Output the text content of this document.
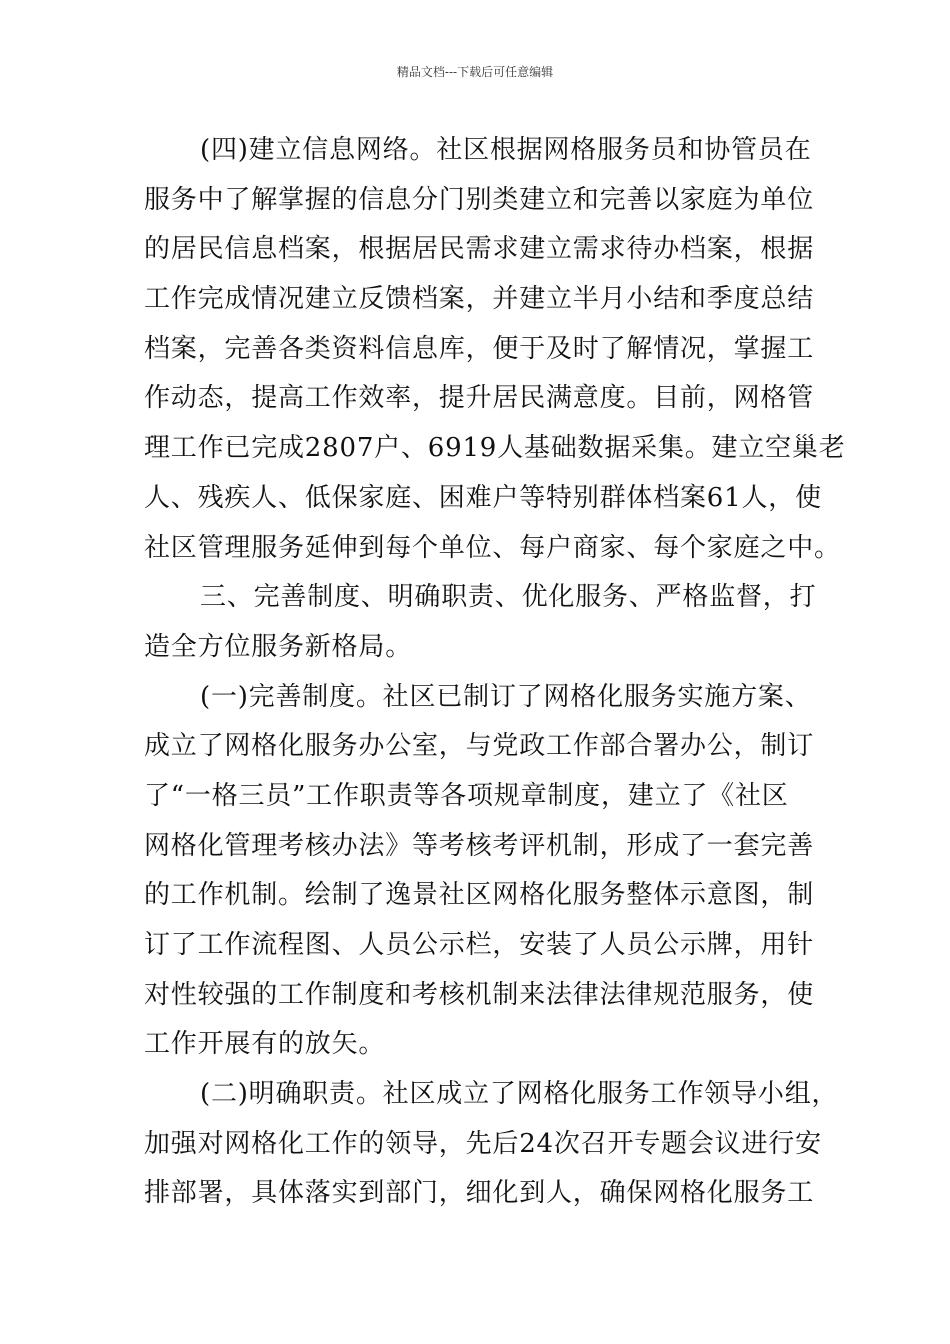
精品文档---下载后可任意编辑
(四)建立信息网络。社区根据网格服务员和协管员在
服务中了解掌握的信息分门别类建立和完善以家庭为单位
的居民信息档案，根据居民需求建立需求待办档案，根据
工作完成情况建立反馈档案，并建立半月小结和季度总结
档案，完善各类资料信息库，便于及时了解情况，掌握工
作动态，提高工作效率，提升居民满意度。目前，网格管
理工作已完成2807户、6919人基础数据采集。建立空巢老
人、残疾人、低保家庭、困难户等特别群体档案61人，使
社区管理服务延伸到每个单位、每户商家、每个家庭之中。
三、完善制度、明确职责、优化服务、严格监督，打
造全方位服务新格局。
(一)完善制度。社区已制订了网格化服务实施方案、
成立了网格化服务办公室，与党政工作部合署办公，制订
了“一格三员”工作职责等各项规章制度，建立了《社区
网格化管理考核办法》等考核考评机制，形成了一套完善
的工作机制。绘制了逸景社区网格化服务整体示意图，制
订了工作流程图、人员公示栏，安装了人员公示牌，用针
对性较强的工作制度和考核机制来法律法律规范服务，使
工作开展有的放矢。
(二)明确职责。社区成立了网格化服务工作领导小组，
加强对网格化工作的领导，先后24次召开专题会议进行安
排部署，具体落实到部门，细化到人，确保网格化服务工
